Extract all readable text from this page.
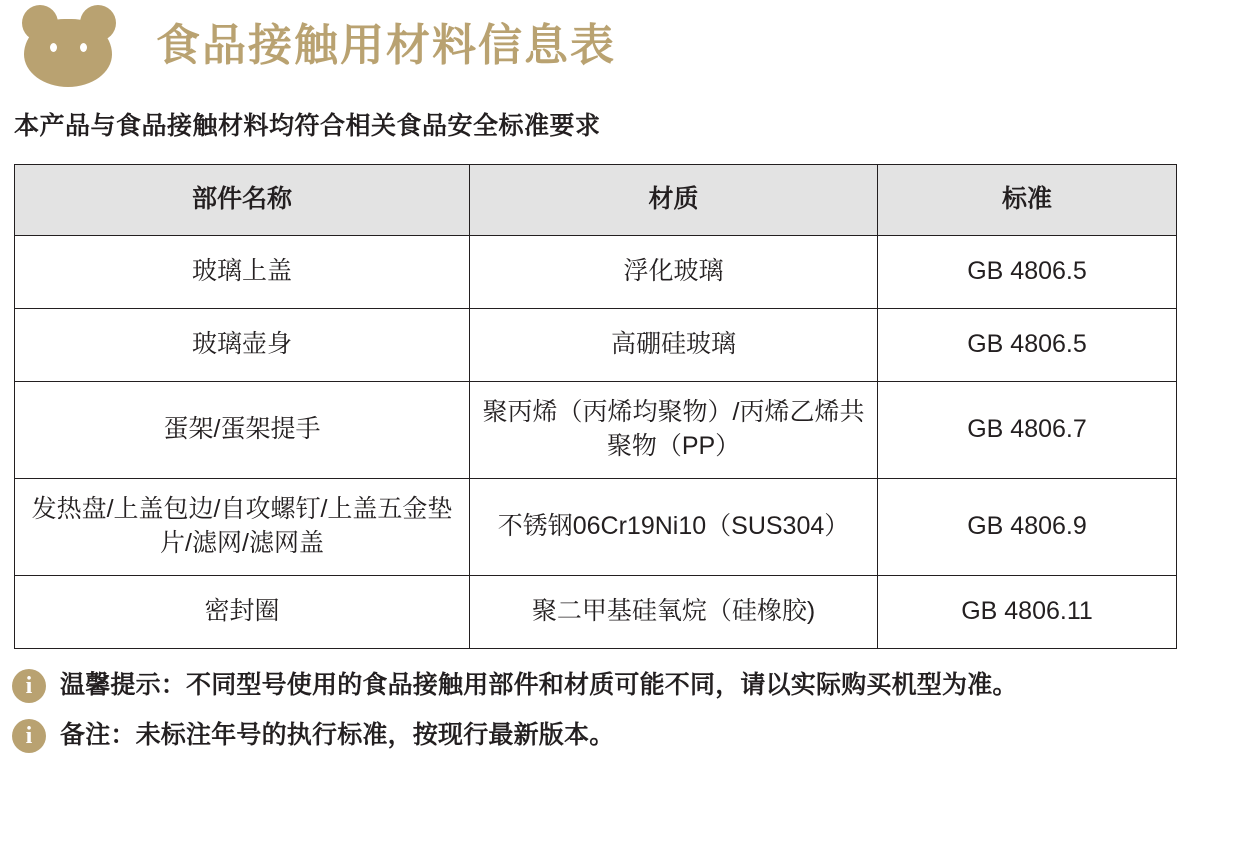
食品接触用材料信息表
本产品与食品接触材料均符合相关食品安全标准要求
部件名称	材质	标准
玻璃上盖	浮化玻璃	GB 4806.5
玻璃壶身	高硼硅玻璃	GB 4806.5
蛋架/蛋架提手	聚丙烯（丙烯均聚物）/丙烯乙烯共聚物（PP）	GB 4806.7
发热盘/上盖包边/自攻螺钉/上盖五金垫片/滤网/滤网盖	不锈钢06Cr19Ni10（SUS304）	GB 4806.9
密封圈	聚二甲基硅氧烷（硅橡胶)	GB 4806.11
i	温馨提示：不同型号使用的食品接触用部件和材质可能不同，请以实际购买机型为准。
i	备注：未标注年号的执行标准，按现行最新版本。
